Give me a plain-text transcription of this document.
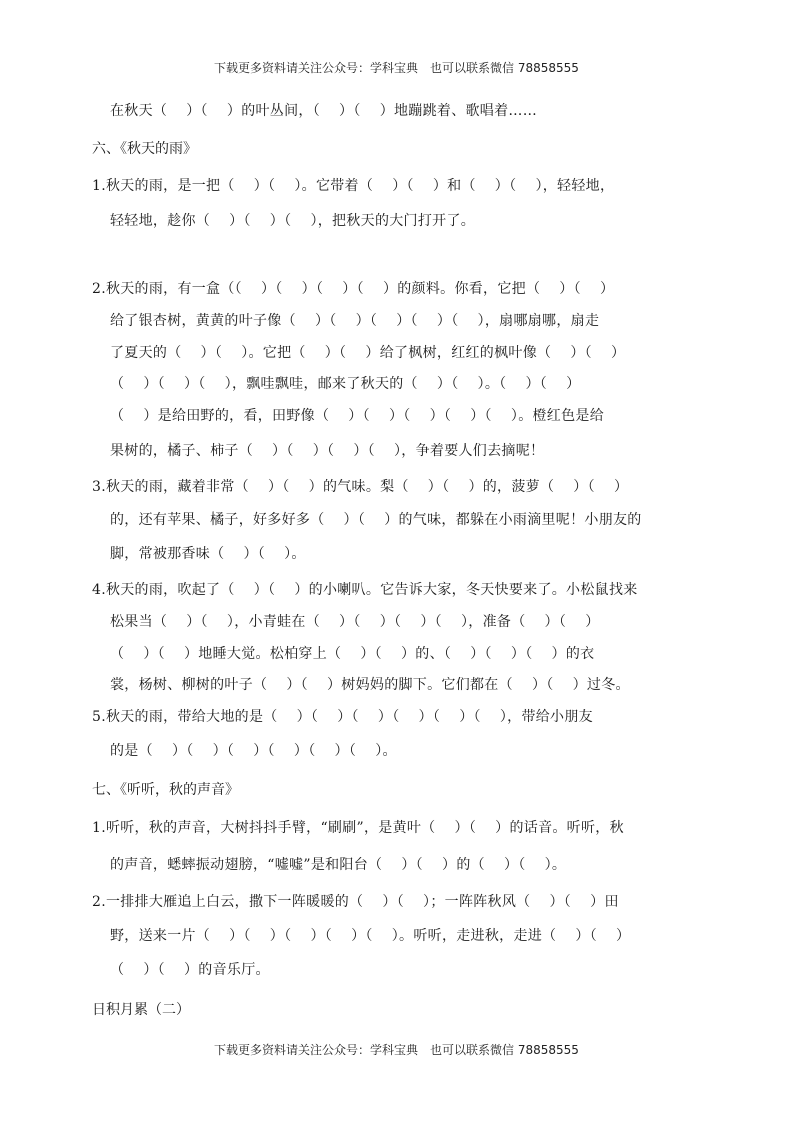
下载更多资料请关注公众号：学科宝典　也可以联系微信 78858555
在秋天（　 ）（　 ）的叶丛间，（　 ）（　 ）地蹦跳着、歌唱着……
六、《秋天的雨》
1.秋天的雨，是一把（　 ）（　 ）。它带着（　 ）（　 ）和（　 ）（　 ），轻轻地，
轻轻地，趁你（　 ）（　 ）（　 ），把秋天的大门打开了。
2.秋天的雨，有一盒（（　 ）（　 ）（　 ）（　 ）的颜料。你看，它把（　 ）（　 ）
给了银杏树，黄黄的叶子像（　 ）（　 ）（　 ）（　 ）（　 ），扇哪扇哪，扇走
了夏天的（　 ）（　 ）。它把（　 ）（　 ）给了枫树，红红的枫叶像（　 ）（　 ）
（　 ）（　 ）（　 ），飘哇飘哇，邮来了秋天的（　 ）（　 ）。（　 ）（　 ）
（　 ）是给田野的，看，田野像（　 ）（　 ）（　 ）（　 ）（　 ）。橙红色是给
果树的，橘子、柿子（　 ）（　 ）（　 ）（　 ），争着要人们去摘呢！
3.秋天的雨，藏着非常（　 ）（　 ）的气味。梨（　 ）（　 ）的，菠萝（　 ）（　 ）
的，还有苹果、橘子，好多好多（　 ）（　 ）的气味，都躲在小雨滴里呢！小朋友的
脚，常被那香味（　 ）（　 ）。
4.秋天的雨，吹起了（　 ）（　 ）的小喇叭。它告诉大家，冬天快要来了。小松鼠找来
松果当（　 ）（　 ），小青蛙在（　 ）（　 ）（　 ）（　 ），准备（　 ）（　 ）
（　 ）（　 ）地睡大觉。松柏穿上（　 ）（　 ）的、（　 ）（　 ）（　 ）的衣
裳，杨树、柳树的叶子（　 ）（　 ）树妈妈的脚下。它们都在（　 ）（　 ）过冬。
5.秋天的雨，带给大地的是（　 ）（　 ）（　 ）（　 ）（　 ）（　 ），带给小朋友
的是（　 ）（　 ）（　 ）（　 ）（　 ）（　 ）。
七、《听听，秋的声音》
1.听听，秋的声音，大树抖抖手臂，“刷刷”，是黄叶（　 ）（　 ）的话音。听听，秋
的声音，蟋蟀振动翅膀，“嘘嘘”是和阳台（　 ）（　 ）的（　 ）（　 ）。
2.一排排大雁追上白云，撒下一阵暖暖的（　 ）（　 ）；一阵阵秋风（　 ）（　 ）田
野，送来一片（　 ）（　 ）（　 ）（　 ）（　 ）。听听，走进秋，走进（　 ）（　 ）
（　 ）（　 ）的音乐厅。
日积月累（二）
下载更多资料请关注公众号：学科宝典　也可以联系微信 78858555
